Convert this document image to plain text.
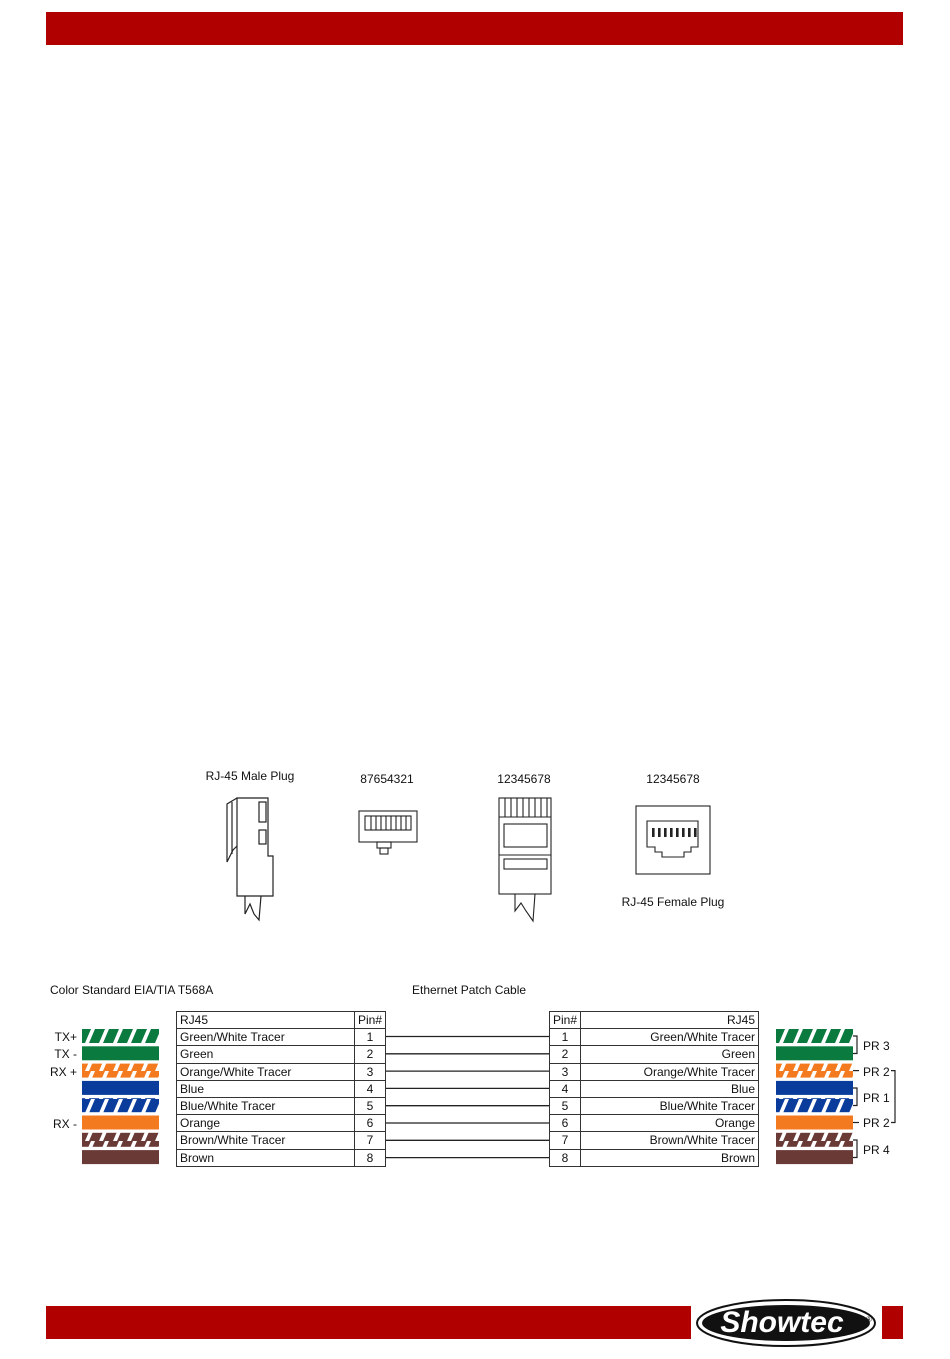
Showtec	®
RJ-45 Male Plug	87654321	12345678	12345678
RJ-45 Female Plug
Color Standard EIA/TIA T568A	Ethernet Patch Cable
TX+
TX -
RX +
RX -
RJ45	Pin#
Green/White Tracer	1
Green	2
Orange/White Tracer	3
Blue	4
Blue/White Tracer	5
Orange	6
Brown/White Tracer	7
Brown	8
Pin#	RJ45
1	Green/White Tracer
2	Green
3	Orange/White Tracer
4	Blue
5	Blue/White Tracer
6	Orange
7	Brown/White Tracer
8	Brown
PR 3
PR 2
PR 1
PR 2
PR 4
